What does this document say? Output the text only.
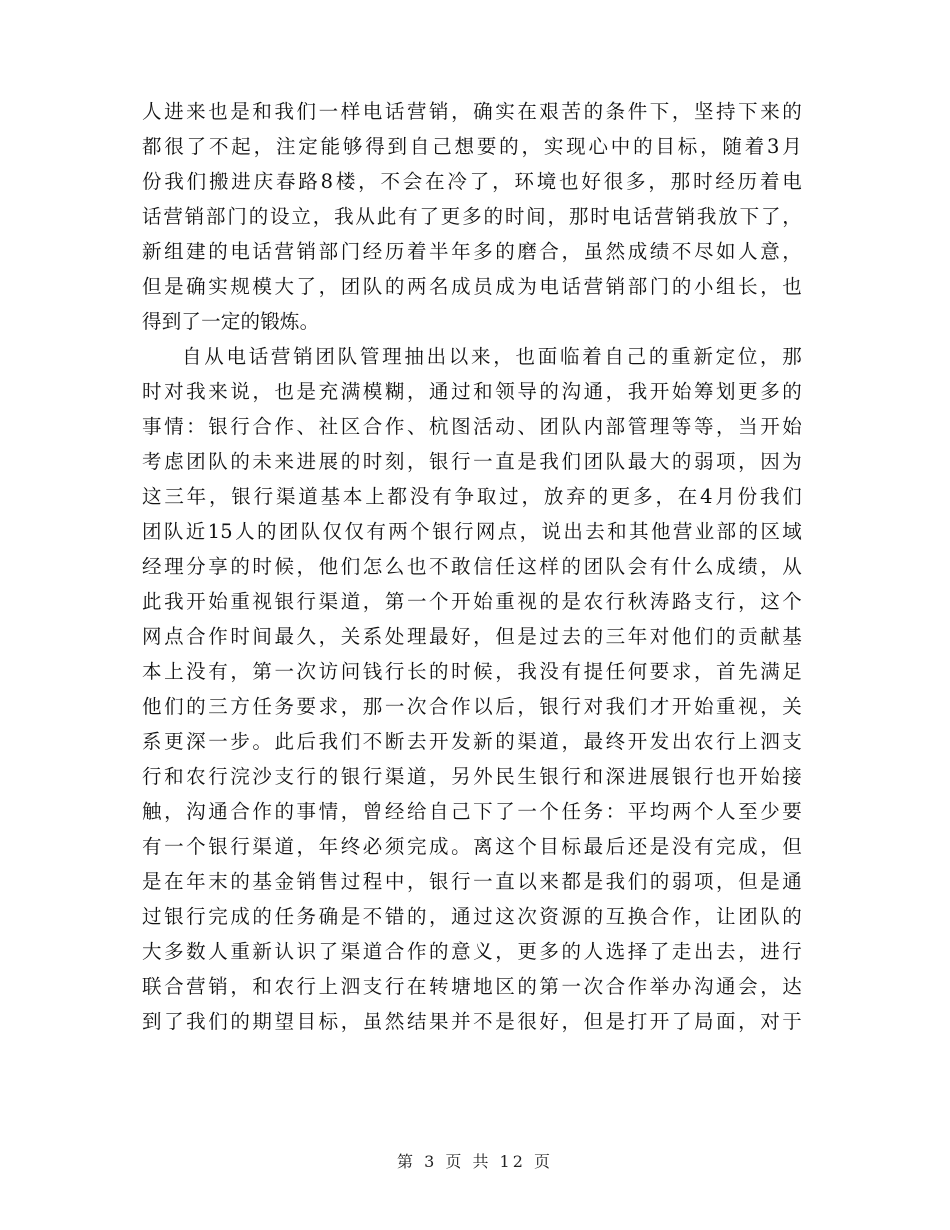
人进来也是和我们一样电话营销，确实在艰苦的条件下，坚持下来的
都很了不起，注定能够得到自己想要的，实现心中的目标，随着3月
份我们搬进庆春路8楼，不会在冷了，环境也好很多，那时经历着电
话营销部门的设立，我从此有了更多的时间，那时电话营销我放下了，
新组建的电话营销部门经历着半年多的磨合，虽然成绩不尽如人意，
但是确实规模大了，团队的两名成员成为电话营销部门的小组长，也
得到了一定的锻炼。
自从电话营销团队管理抽出以来，也面临着自己的重新定位，那
时对我来说，也是充满模糊，通过和领导的沟通，我开始筹划更多的
事情：银行合作、社区合作、杭图活动、团队内部管理等等，当开始
考虑团队的未来进展的时刻，银行一直是我们团队最大的弱项，因为
这三年，银行渠道基本上都没有争取过，放弃的更多，在4月份我们
团队近15人的团队仅仅有两个银行网点，说出去和其他营业部的区域
经理分享的时候，他们怎么也不敢信任这样的团队会有什么成绩，从
此我开始重视银行渠道，第一个开始重视的是农行秋涛路支行，这个
网点合作时间最久，关系处理最好，但是过去的三年对他们的贡献基
本上没有，第一次访问钱行长的时候，我没有提任何要求，首先满足
他们的三方任务要求，那一次合作以后，银行对我们才开始重视，关
系更深一步。此后我们不断去开发新的渠道，最终开发出农行上泗支
行和农行浣沙支行的银行渠道，另外民生银行和深进展银行也开始接
触，沟通合作的事情，曾经给自己下了一个任务：平均两个人至少要
有一个银行渠道，年终必须完成。离这个目标最后还是没有完成，但
是在年末的基金销售过程中，银行一直以来都是我们的弱项，但是通
过银行完成的任务确是不错的，通过这次资源的互换合作，让团队的
大多数人重新认识了渠道合作的意义，更多的人选择了走出去，进行
联合营销，和农行上泗支行在转塘地区的第一次合作举办沟通会，达
到了我们的期望目标，虽然结果并不是很好，但是打开了局面，对于
第 3 页 共 12 页
